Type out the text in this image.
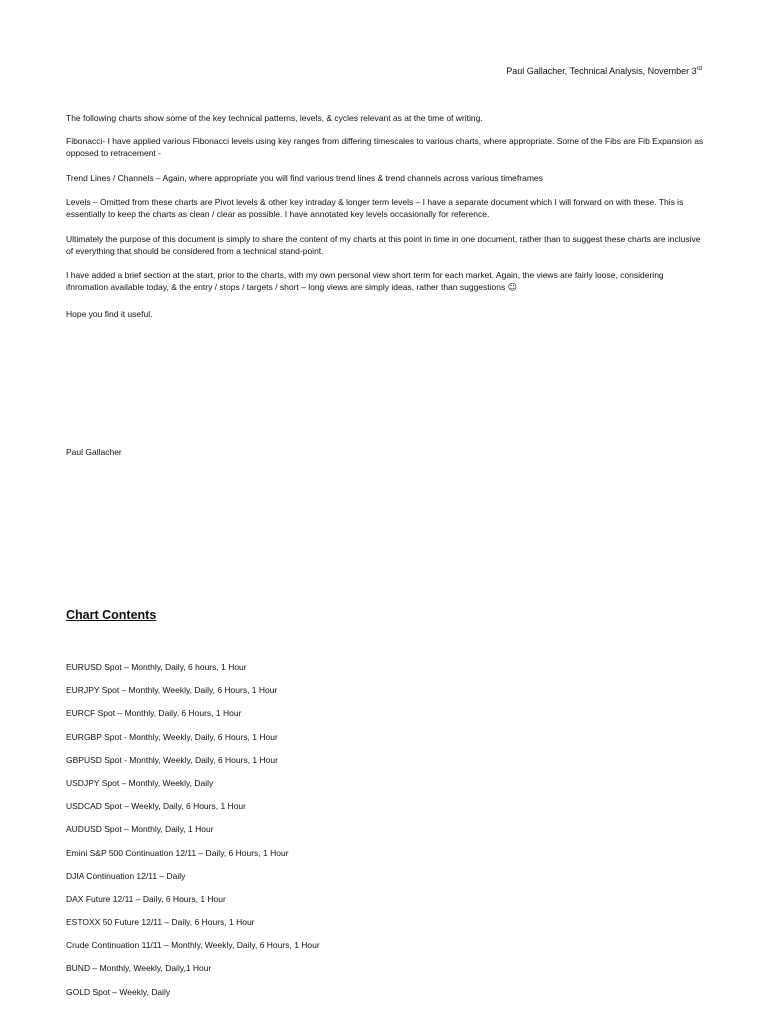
Paul Gallacher, Technical Analysis, November 3rd

The following charts show some of the key technical patterns, levels, & cycles relevant as at the time of writing.

Fibonacci- I have applied various Fibonacci levels using key ranges from differing timescales to various charts, where appropriate. Some of the Fibs are Fib Expansion as opposed to retracement -

Trend Lines / Channels – Again, where appropriate you will find various trend lines & trend channels across various timeframes

Levels – Omitted from these charts are Pivot levels & other key intraday & longer term levels – I have a separate document which I will forward on with these. This is essentially to keep the charts as clean / clear as possible. I have annotated key levels occasionally for reference.

Ultimately the purpose of this document is simply to share the content of my charts at this point in time in one document, rather than to suggest these charts are inclusive of everything that should be considered from a technical stand-point.

I have added a brief section at the start, prior to the charts, with my own personal view short term for each market. Again, the views are fairly loose, considering ifnromation available today, & the entry / stops / targets / short – long views are simply ideas, rather than suggestions ☺

Hope you find it useful.

Paul Gallacher
Chart Contents
EURUSD Spot – Monthly, Daily, 6 hours, 1 Hour
EURJPY Spot – Monthly, Weekly, Daily, 6 Hours, 1 Hour
EURCF Spot – Monthly, Daily, 6 Hours, 1 Hour
EURGBP Spot - Monthly, Weekly, Daily, 6 Hours, 1 Hour
GBPUSD Spot - Monthly, Weekly, Daily, 6 Hours, 1 Hour
USDJPY Spot – Monthly, Weekly, Daily
USDCAD Spot – Weekly, Daily, 6 Hours, 1 Hour
AUDUSD Spot – Monthly, Daily, 1 Hour
Emini S&P 500 Continuation 12/11 – Daily, 6 Hours, 1 Hour
DJIA Continuation 12/11 – Daily
DAX Future 12/11 – Daily, 6 Hours, 1 Hour
ESTOXX 50 Future 12/11 – Daily, 6 Hours, 1 Hour
Crude Continuation 11/11 – Monthly, Weekly, Daily, 6 Hours, 1 Hour
BUND – Monthly, Weekly, Daily,1 Hour
GOLD Spot – Weekly, Daily
